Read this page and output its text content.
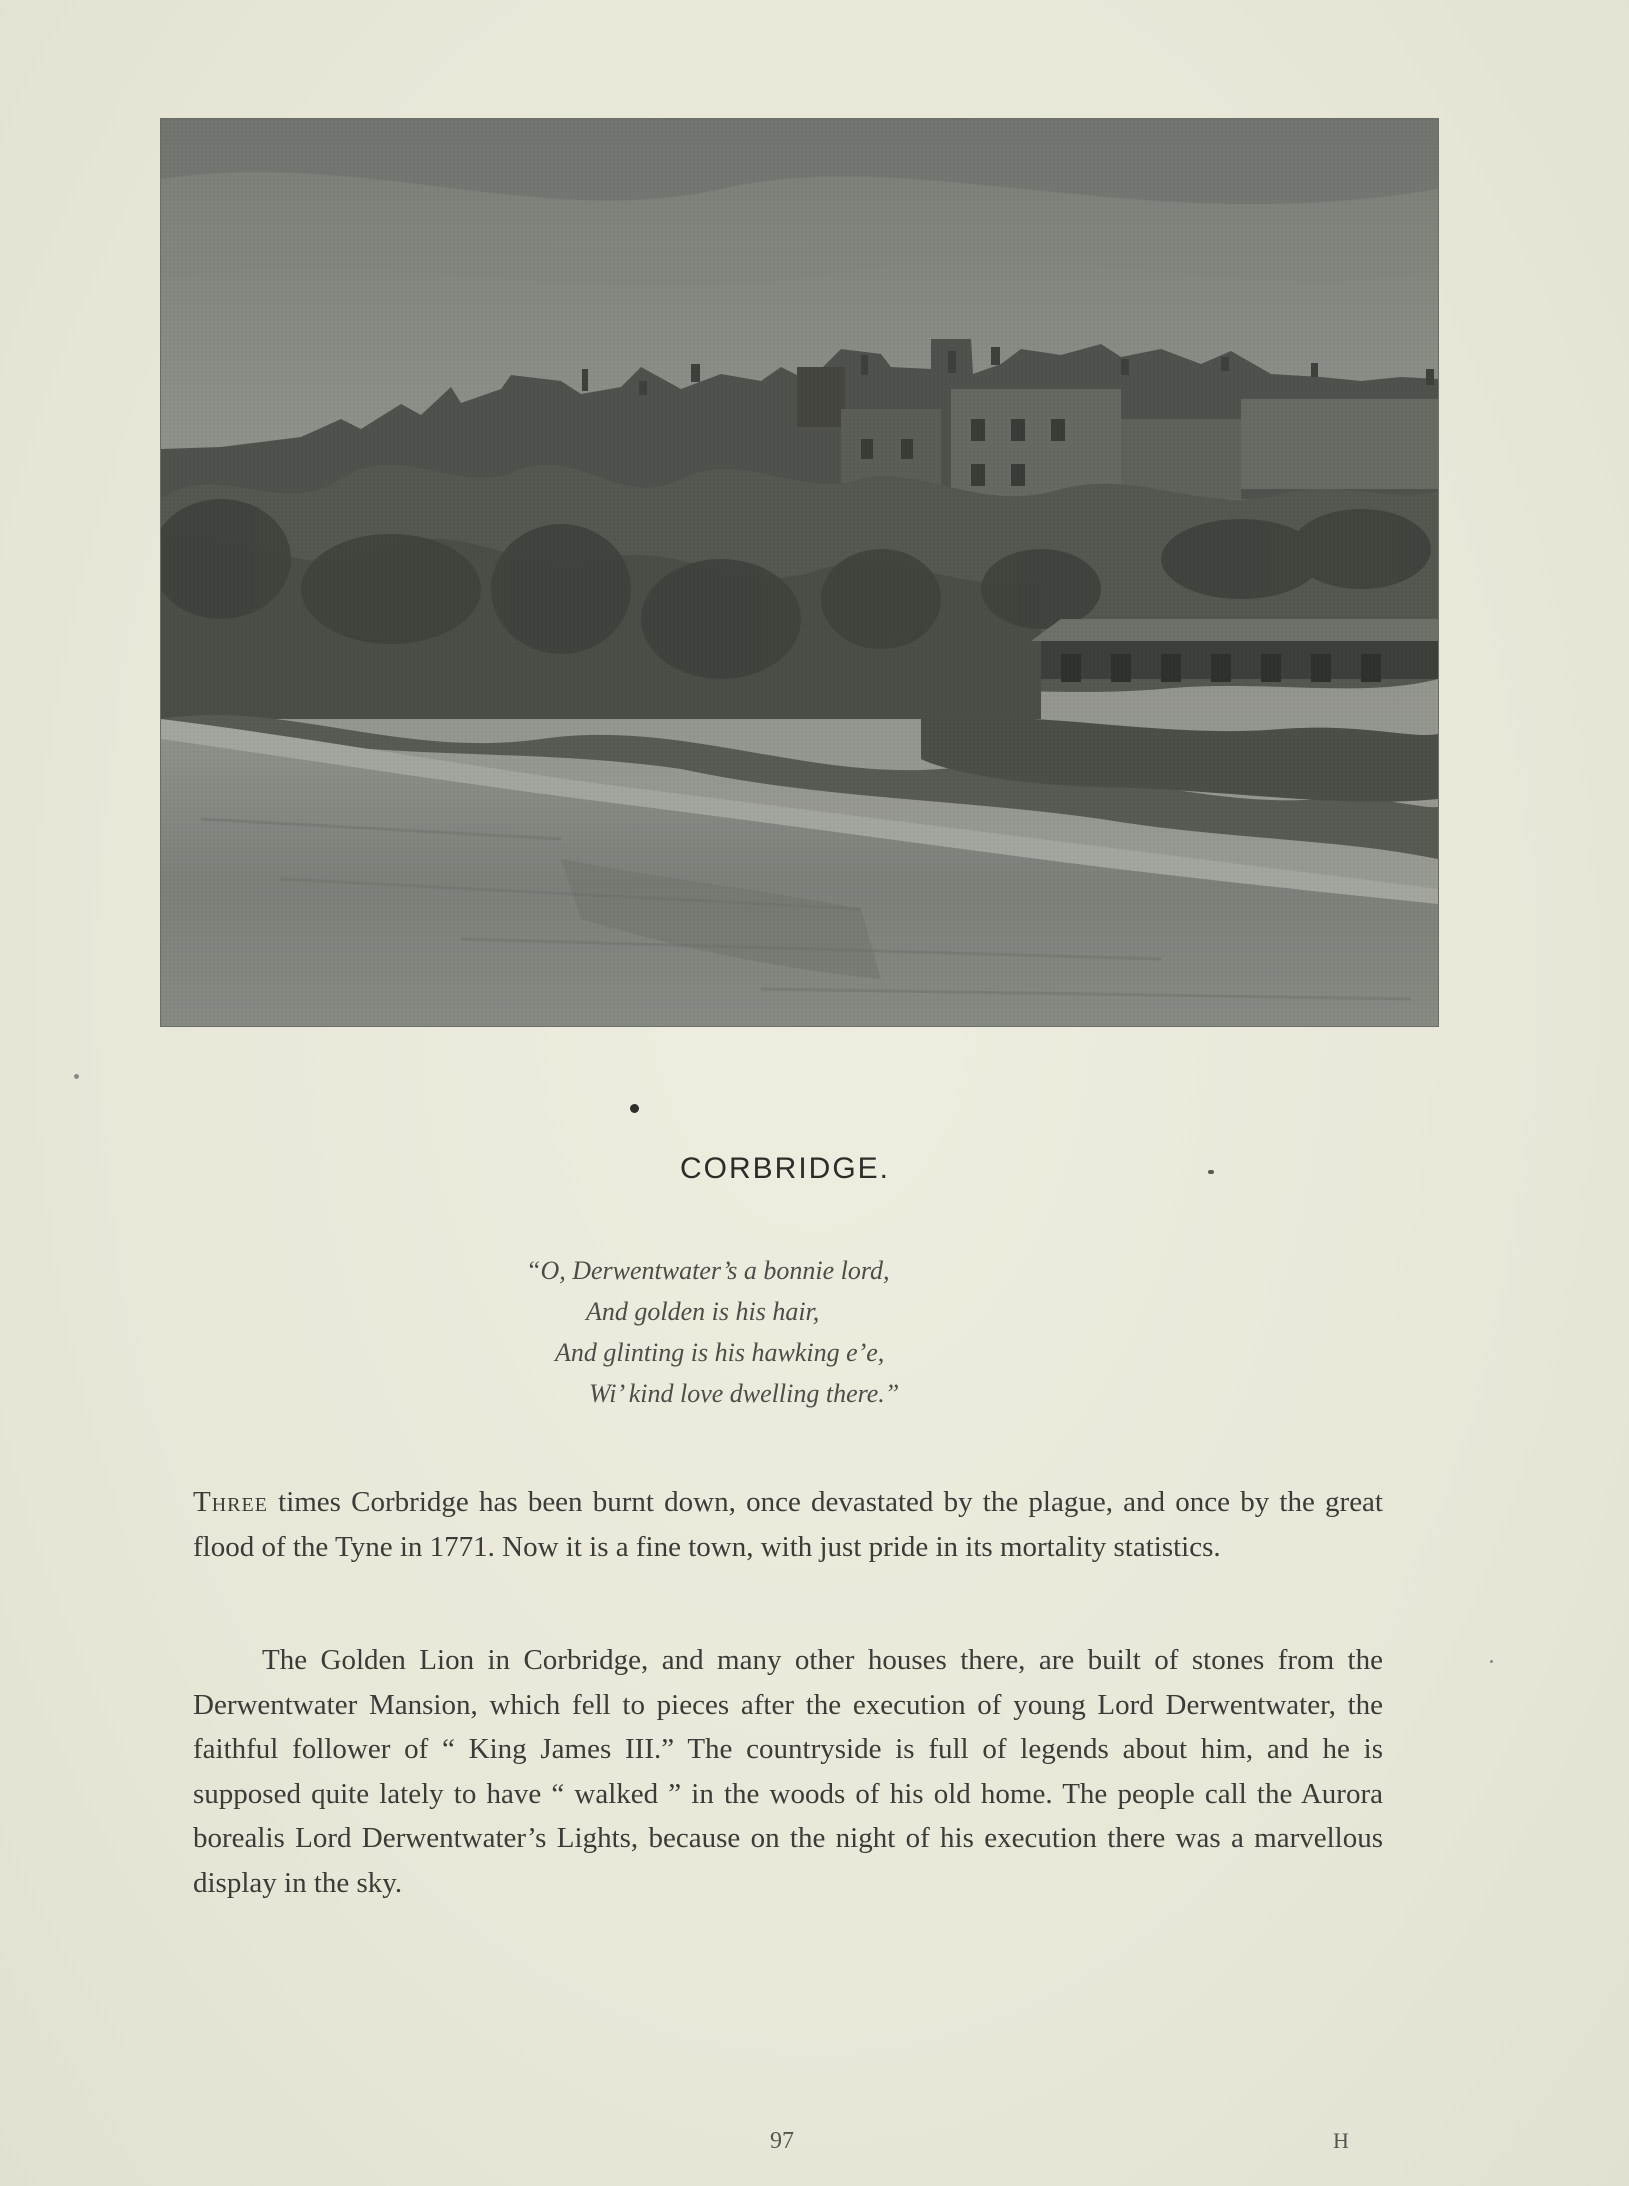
CORBRIDGE.
“O, Derwentwater’s a bonnie lord,
And golden is his hair,
And glinting is his hawking e’e,
Wi’ kind love dwelling there.”

Three times Corbridge has been burnt down, once devastated by the plague, and once by the great flood of the Tyne in 1771. Now it is a fine town, with just pride in its mortality statistics.

The Golden Lion in Corbridge, and many other houses there, are built of stones from the Derwentwater Mansion, which fell to pieces after the execution of young Lord Derwentwater, the faithful follower of “ King James III.” The countryside is full of legends about him, and he is supposed quite lately to have “ walked ” in the woods of his old home. The people call the Aurora borealis Lord Derwentwater’s Lights, because on the night of his execution there was a marvellous display in the sky.

97	H
